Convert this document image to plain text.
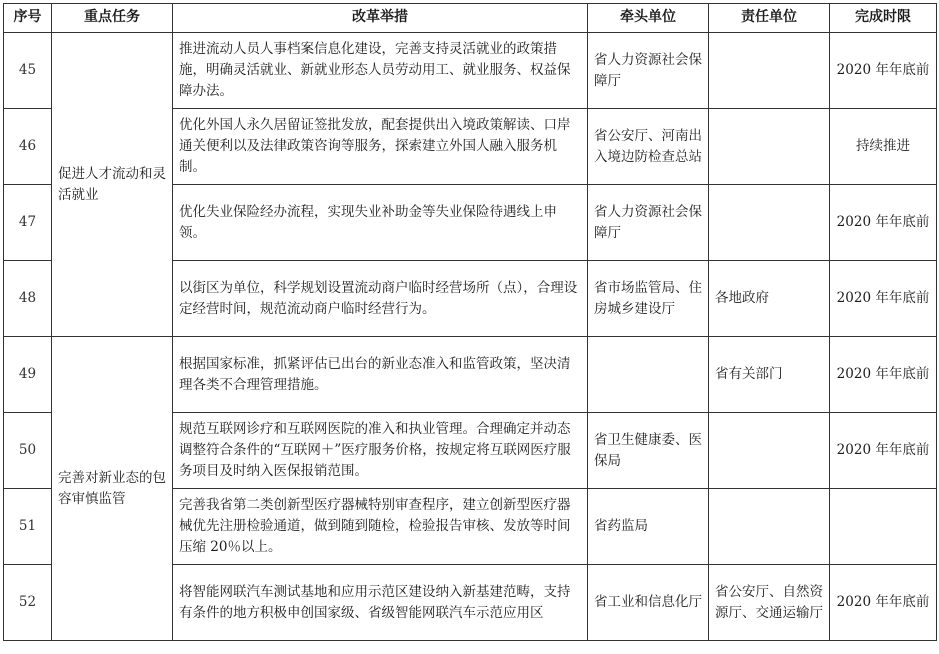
序号	重点任务	改革举措	牵头单位	责任单位	完成时限
45	促进人才流动和灵活就业	推进流动人员人事档案信息化建设，完善支持灵活就业的政策措施，明确灵活就业、新就业形态人员劳动用工、就业服务、权益保障办法。	省人力资源社会保障厅		2020 年年底前
46		优化外国人永久居留证签批发放，配套提供出入境政策解读、口岸通关便利以及法律政策咨询等服务，探索建立外国人融入服务机制。	省公安厅、河南出入境边防检查总站		持续推进
47		优化失业保险经办流程，实现失业补助金等失业保险待遇线上申领。	省人力资源社会保障厅		2020 年年底前
48		以街区为单位，科学规划设置流动商户临时经营场所（点），合理设定经营时间，规范流动商户临时经营行为。	省市场监管局、住房城乡建设厅	各地政府	2020 年年底前
49	完善对新业态的包容审慎监管	根据国家标准，抓紧评估已出台的新业态准入和监管政策，坚决清理各类不合理管理措施。		省有关部门	2020 年年底前
50		规范互联网诊疗和互联网医院的准入和执业管理。合理确定并动态调整符合条件的“互联网＋”医疗服务价格，按规定将互联网医疗服务项目及时纳入医保报销范围。	省卫生健康委、医保局		2020 年年底前
51		完善我省第二类创新型医疗器械特别审查程序，建立创新型医疗器械优先注册检验通道，做到随到随检，检验报告审核、发放等时间压缩 20％以上。	省药监局		
52		将智能网联汽车测试基地和应用示范区建设纳入新基建范畴，支持有条件的地方积极申创国家级、省级智能网联汽车示范应用区	省工业和信息化厅	省公安厅、自然资源厅、交通运输厅	2020 年年底前
